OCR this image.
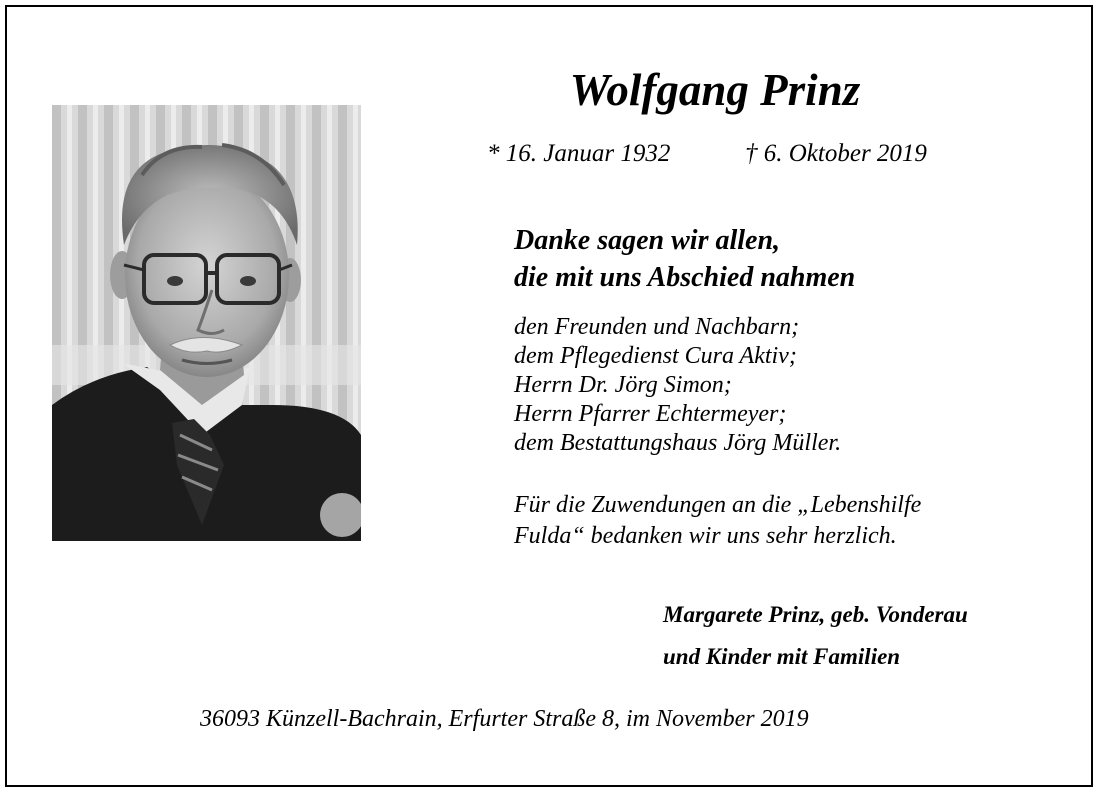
Wolfgang Prinz
* 16. Januar 1932	† 6. Oktober 2019
Danke sagen wir allen,
die mit uns Abschied nahmen
den Freunden und Nachbarn;
dem Pflegedienst Cura Aktiv;
Herrn Dr. Jörg Simon;
Herrn Pfarrer Echtermeyer;
dem Bestattungshaus Jörg Müller.
Für die Zuwendungen an die „Lebenshilfe
Fulda“ bedanken wir uns sehr herzlich.
Margarete Prinz, geb. Vonderau
und Kinder mit Familien
36093 Künzell-Bachrain, Erfurter Straße 8, im November 2019
